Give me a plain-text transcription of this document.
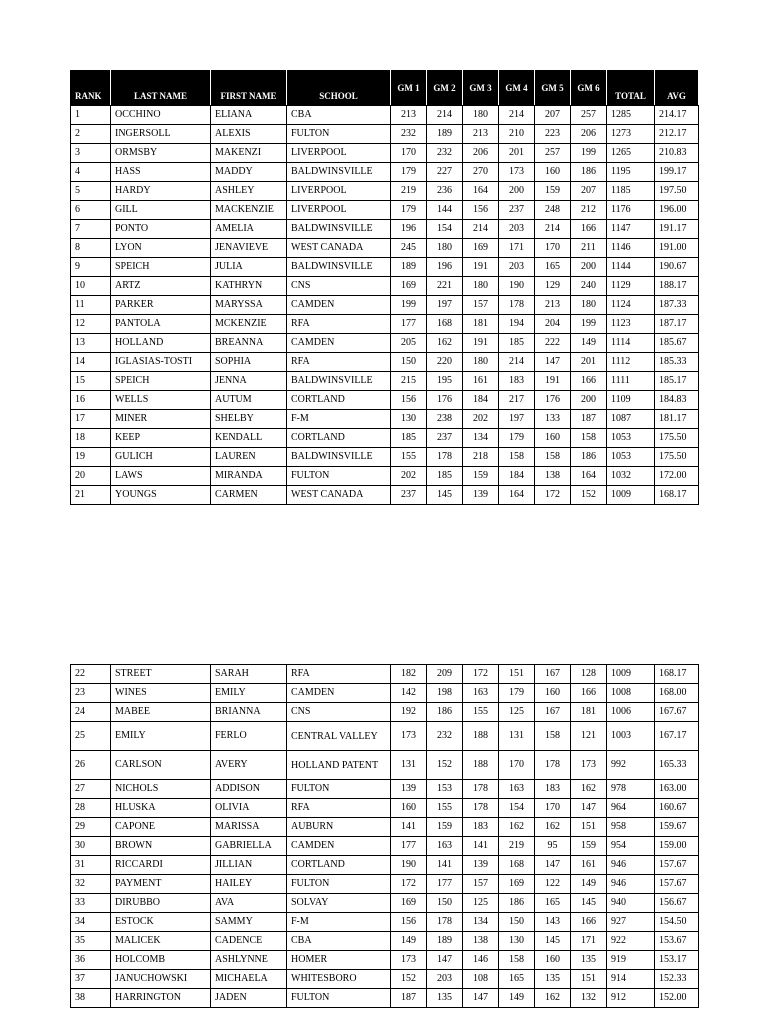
RANK	LAST NAME	FIRST NAME	SCHOOL	GM 1	GM 2	GM 3	GM 4	GM 5	GM 6	TOTAL	AVG
1	OCCHINO	ELIANA	CBA	213	214	180	214	207	257	1285	214.17
2	INGERSOLL	ALEXIS	FULTON	232	189	213	210	223	206	1273	212.17
3	ORMSBY	MAKENZI	LIVERPOOL	170	232	206	201	257	199	1265	210.83
4	HASS	MADDY	BALDWINSVILLE	179	227	270	173	160	186	1195	199.17
5	HARDY	ASHLEY	LIVERPOOL	219	236	164	200	159	207	1185	197.50
6	GILL	MACKENZIE	LIVERPOOL	179	144	156	237	248	212	1176	196.00
7	PONTO	AMELIA	BALDWINSVILLE	196	154	214	203	214	166	1147	191.17
8	LYON	JENAVIEVE	WEST CANADA	245	180	169	171	170	211	1146	191.00
9	SPEICH	JULIA	BALDWINSVILLE	189	196	191	203	165	200	1144	190.67
10	ARTZ	KATHRYN	CNS	169	221	180	190	129	240	1129	188.17
11	PARKER	MARYSSA	CAMDEN	199	197	157	178	213	180	1124	187.33
12	PANTOLA	MCKENZIE	RFA	177	168	181	194	204	199	1123	187.17
13	HOLLAND	BREANNA	CAMDEN	205	162	191	185	222	149	1114	185.67
14	IGLASIAS-TOSTI	SOPHIA	RFA	150	220	180	214	147	201	1112	185.33
15	SPEICH	JENNA	BALDWINSVILLE	215	195	161	183	191	166	1111	185.17
16	WELLS	AUTUM	CORTLAND	156	176	184	217	176	200	1109	184.83
17	MINER	SHELBY	F-M	130	238	202	197	133	187	1087	181.17
18	KEEP	KENDALL	CORTLAND	185	237	134	179	160	158	1053	175.50
19	GULICH	LAUREN	BALDWINSVILLE	155	178	218	158	158	186	1053	175.50
20	LAWS	MIRANDA	FULTON	202	185	159	184	138	164	1032	172.00
21	YOUNGS	CARMEN	WEST CANADA	237	145	139	164	172	152	1009	168.17
22	STREET	SARAH	RFA	182	209	172	151	167	128	1009	168.17
23	WINES	EMILY	CAMDEN	142	198	163	179	160	166	1008	168.00
24	MABEE	BRIANNA	CNS	192	186	155	125	167	181	1006	167.67
25	EMILY	FERLO	CENTRAL VALLEY	173	232	188	131	158	121	1003	167.17
26	CARLSON	AVERY	HOLLAND PATENT	131	152	188	170	178	173	992	165.33
27	NICHOLS	ADDISON	FULTON	139	153	178	163	183	162	978	163.00
28	HLUSKA	OLIVIA	RFA	160	155	178	154	170	147	964	160.67
29	CAPONE	MARISSA	AUBURN	141	159	183	162	162	151	958	159.67
30	BROWN	GABRIELLA	CAMDEN	177	163	141	219	95	159	954	159.00
31	RICCARDI	JILLIAN	CORTLAND	190	141	139	168	147	161	946	157.67
32	PAYMENT	HAILEY	FULTON	172	177	157	169	122	149	946	157.67
33	DIRUBBO	AVA	SOLVAY	169	150	125	186	165	145	940	156.67
34	ESTOCK	SAMMY	F-M	156	178	134	150	143	166	927	154.50
35	MALICEK	CADENCE	CBA	149	189	138	130	145	171	922	153.67
36	HOLCOMB	ASHLYNNE	HOMER	173	147	146	158	160	135	919	153.17
37	JANUCHOWSKI	MICHAELA	WHITESBORO	152	203	108	165	135	151	914	152.33
38	HARRINGTON	JADEN	FULTON	187	135	147	149	162	132	912	152.00
